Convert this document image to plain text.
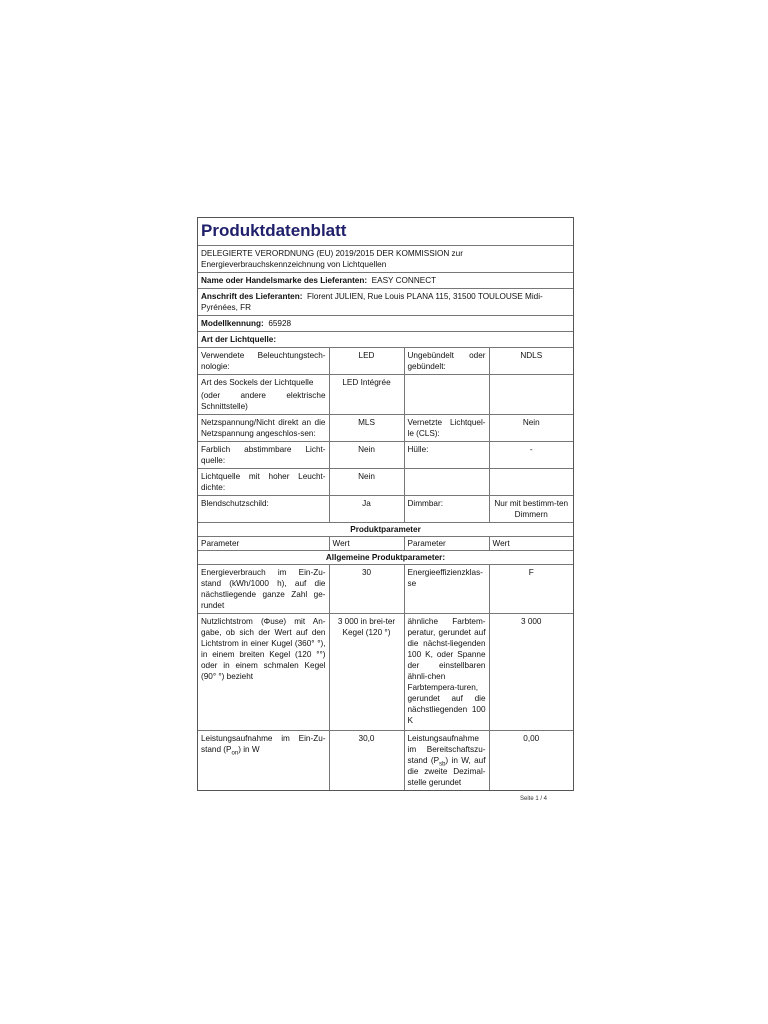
Produktdatenblatt
DELEGIERTE VERORDNUNG (EU) 2019/2015 DER KOMMISSION zur Energieverbrauchskennzeichnung von Lichtquellen
Name oder Handelsmarke des Lieferanten: EASY CONNECT
Anschrift des Lieferanten: Florent JULIEN, Rue Louis PLANA 115, 31500 TOULOUSE Midi-Pyrénées, FR
Modellkennung: 65928
Art der Lichtquelle:
Verwendete Beleuchtungstech-nologie:	LED	Ungebündelt oder gebündelt:	NDLS

Art des Sockels der Lichtquelle
(oder andere elektrische Schnittstelle)	LED Intégrée		
Netzspannung/Nicht direkt an die Netzspannung angeschlos-sen:	MLS	Vernetzte Lichtquel-le (CLS):	Nein
Farblich abstimmbare Licht-quelle:	Nein	Hülle:	-
Lichtquelle mit hoher Leucht-dichte:	Nein		
Blendschutzschild:	Ja	Dimmbar:	Nur mit bestimm-ten Dimmern
Produktparameter			
Parameter	Wert	Parameter	Wert
Allgemeine Produktparameter:			
Energieverbrauch im Ein-Zu-stand (kWh/1000 h), auf die nächstliegende ganze Zahl ge-rundet	30	Energieeffizienzklas-se	F
Nutzlichtstrom (Φuse) mit An-gabe, ob sich der Wert auf den Lichtstrom in einer Kugel (360° °), in einem breiten Kegel (120 °°) oder in einem schmalen Kegel (90° °) bezieht	3 000 in brei-ter Kegel (120 °)	ähnliche Farbtem-peratur, gerundet auf die nächst-liegenden 100 K, oder Spanne der einstellbaren ähnli-chen Farbtempera-turen, gerundet auf die nächstliegenden 100 K	3 000
Leistungsaufnahme im Ein-Zu-stand $(P_{on})$ in W	30,0	Leistungsaufnahme im Bereitschaftszu-stand $(P_{sb})$ in W, auf die zweite Dezimal-stelle gerundet	0,00
Seite 1 / 4
